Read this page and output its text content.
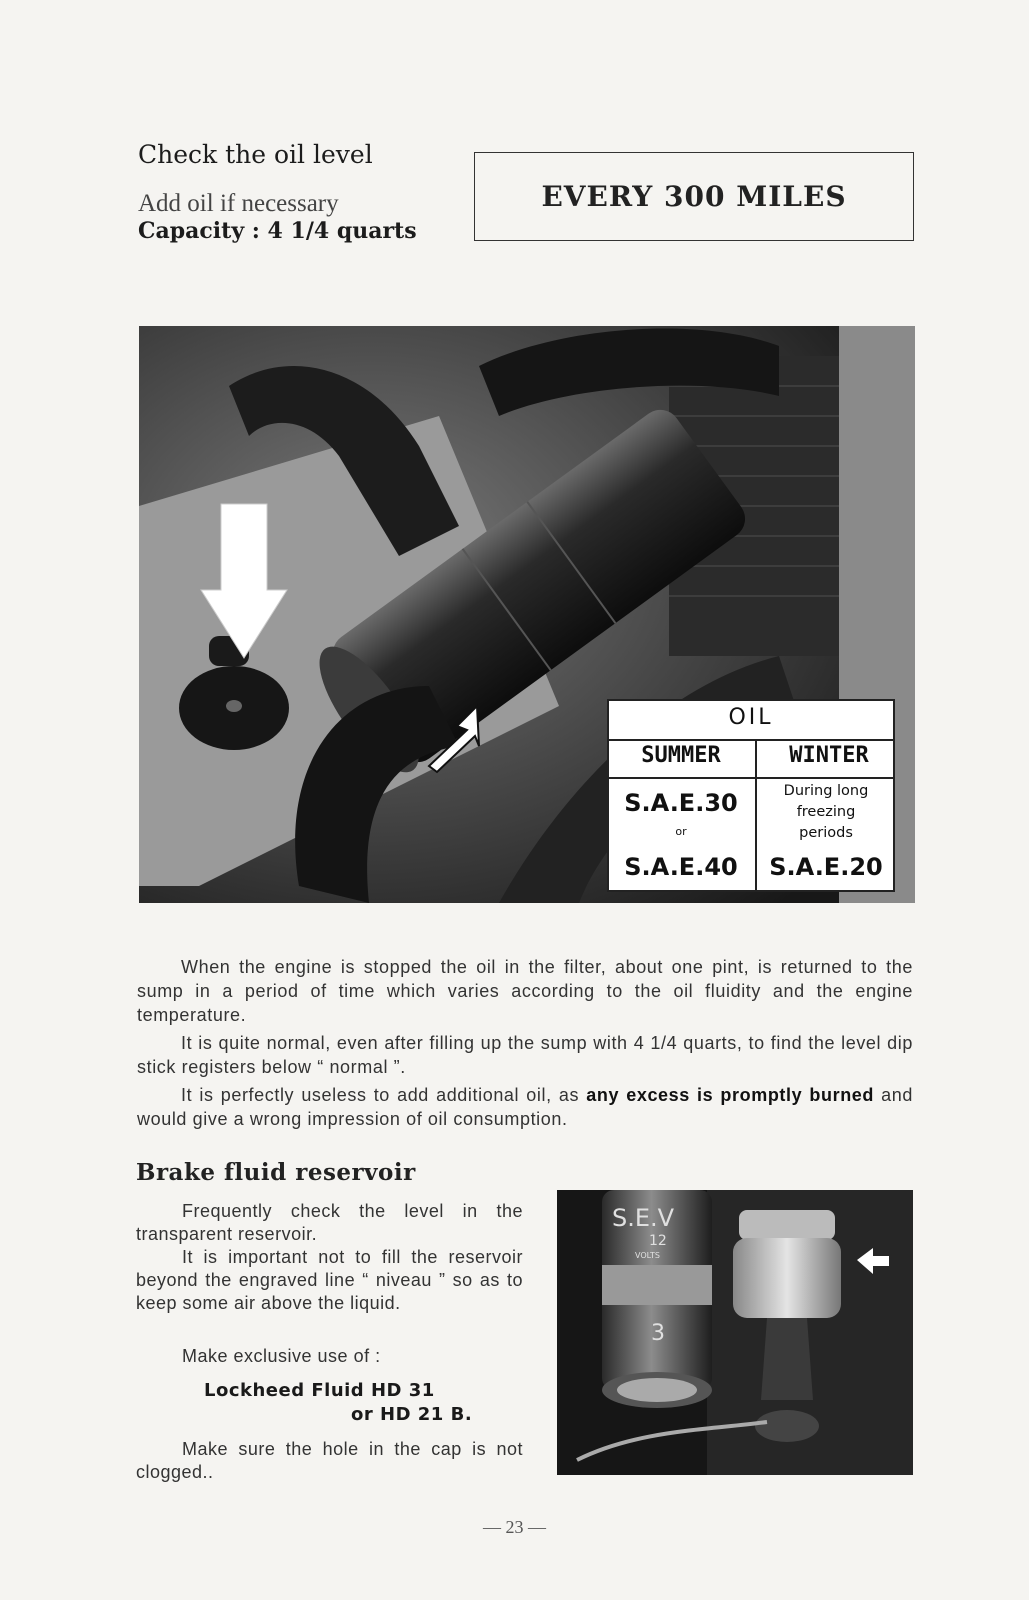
Check the oil level
Add oil if necessary
Capacity : 4 1/4 quarts
EVERY 300 MILES
OIL
SUMMER	WINTER
S.A.E.30
or
S.A.E.40
During long
freezing
periods
S.A.E.20
When the engine is stopped the oil in the filter, about one pint, is returned to the sump in a period of time which varies according to the oil fluidity and the engine temperature.
It is quite normal, even after filling up the sump with 4 1/4 quarts, to find the level dip stick registers below “ normal ”.
It is perfectly useless to add additional oil, as any excess is promptly burned and would give a wrong impression of oil consumption.
Brake fluid reservoir
Frequently check the level in the transparent reservoir.
It is important not to fill the reservoir beyond the engraved line “ niveau ” so as to keep some air above the liquid.
Make exclusive use of :
Lockheed Fluid HD 31
or HD 21 B.
Make sure the hole in the cap is not clogged..
S.E.V
12
VOLTS
3
— 23 —
